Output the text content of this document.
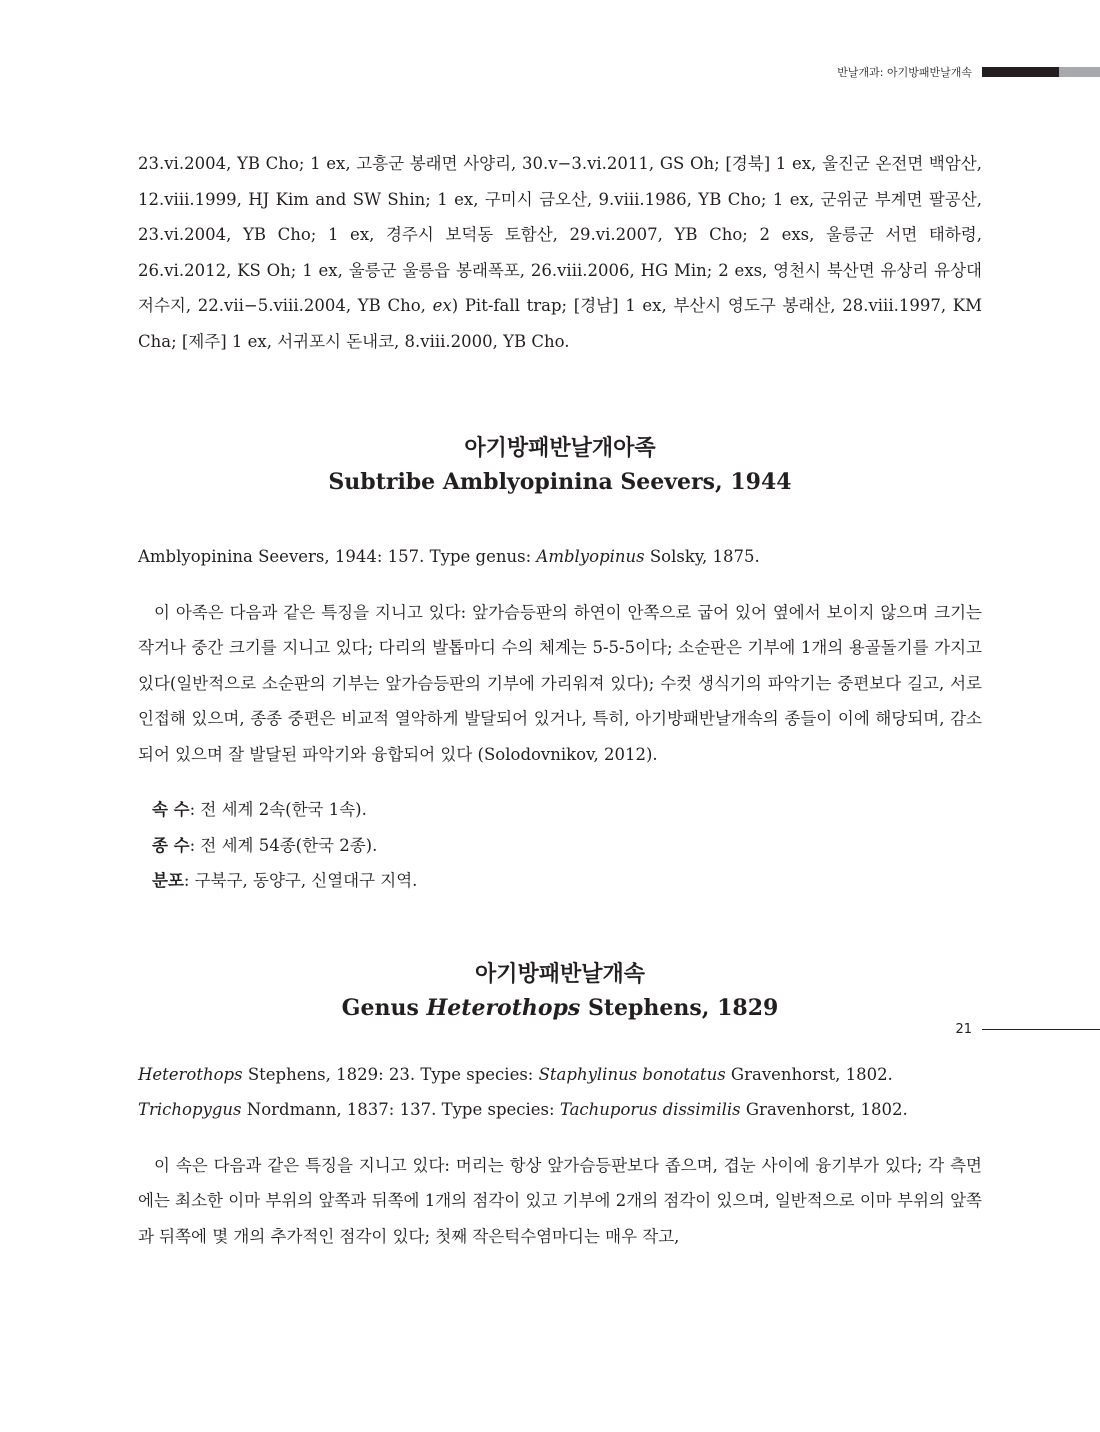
반날개과: 아기방패반날개속

23.vi.2004, YB Cho; 1 ex, 고흥군 봉래면 사양리, 30.v−3.vi.2011, GS Oh; [경북] 1 ex, 울진군 온전면 백암산, 12.viii.1999, HJ Kim and SW Shin; 1 ex, 구미시 금오산, 9.viii.1986, YB Cho; 1 ex, 군위군 부계면 팔공산, 23.vi.2004, YB Cho; 1 ex, 경주시 보덕동 토함산, 29.vi.2007, YB Cho; 2 exs, 울릉군 서면 태하령, 26.vi.2012, KS Oh; 1 ex, 울릉군 울릉읍 봉래폭포, 26.viii.2006, HG Min; 2 exs, 영천시 북산면 유상리 유상대저수지, 22.vii−5.viii.2004, YB Cho, ex) Pit-fall trap; [경남] 1 ex, 부산시 영도구 봉래산, 28.viii.1997, KM Cha; [제주] 1 ex, 서귀포시 돈내코, 8.viii.2000, YB Cho.

아기방패반날개아족
Subtribe Amblyopinina Seevers, 1944

Amblyopinina Seevers, 1944: 157. Type genus: Amblyopinus Solsky, 1875.

이 아족은 다음과 같은 특징을 지니고 있다: 앞가슴등판의 하연이 안쪽으로 굽어 있어 옆에서 보이지 않으며 크기는 작거나 중간 크기를 지니고 있다; 다리의 발톱마디 수의 체계는 5-5-5이다; 소순판은 기부에 1개의 용골돌기를 가지고 있다(일반적으로 소순판의 기부는 앞가슴등판의 기부에 가리워져 있다); 수컷 생식기의 파악기는 중편보다 길고, 서로 인접해 있으며, 종종 중편은 비교적 열악하게 발달되어 있거나, 특히, 아기방패반날개속의 종들이 이에 해당되며, 감소되어 있으며 잘 발달된 파악기와 융합되어 있다 (Solodovnikov, 2012).

속 수: 전 세계 2속(한국 1속).

종 수: 전 세계 54종(한국 2종).

분포: 구북구, 동양구, 신열대구 지역.

아기방패반날개속
Genus Heterothops Stephens, 1829

Heterothops Stephens, 1829: 23. Type species: Staphylinus bonotatus Gravenhorst, 1802.

Trichopygus Nordmann, 1837: 137. Type species: Tachuporus dissimilis Gravenhorst, 1802.

이 속은 다음과 같은 특징을 지니고 있다: 머리는 항상 앞가슴등판보다 좁으며, 겹눈 사이에 융기부가 있다; 각 측면에는 최소한 이마 부위의 앞쪽과 뒤쪽에 1개의 점각이 있고 기부에 2개의 점각이 있으며, 일반적으로 이마 부위의 앞쪽과 뒤쪽에 몇 개의 추가적인 점각이 있다; 첫째 작은턱수염마디는 매우 작고,

21
